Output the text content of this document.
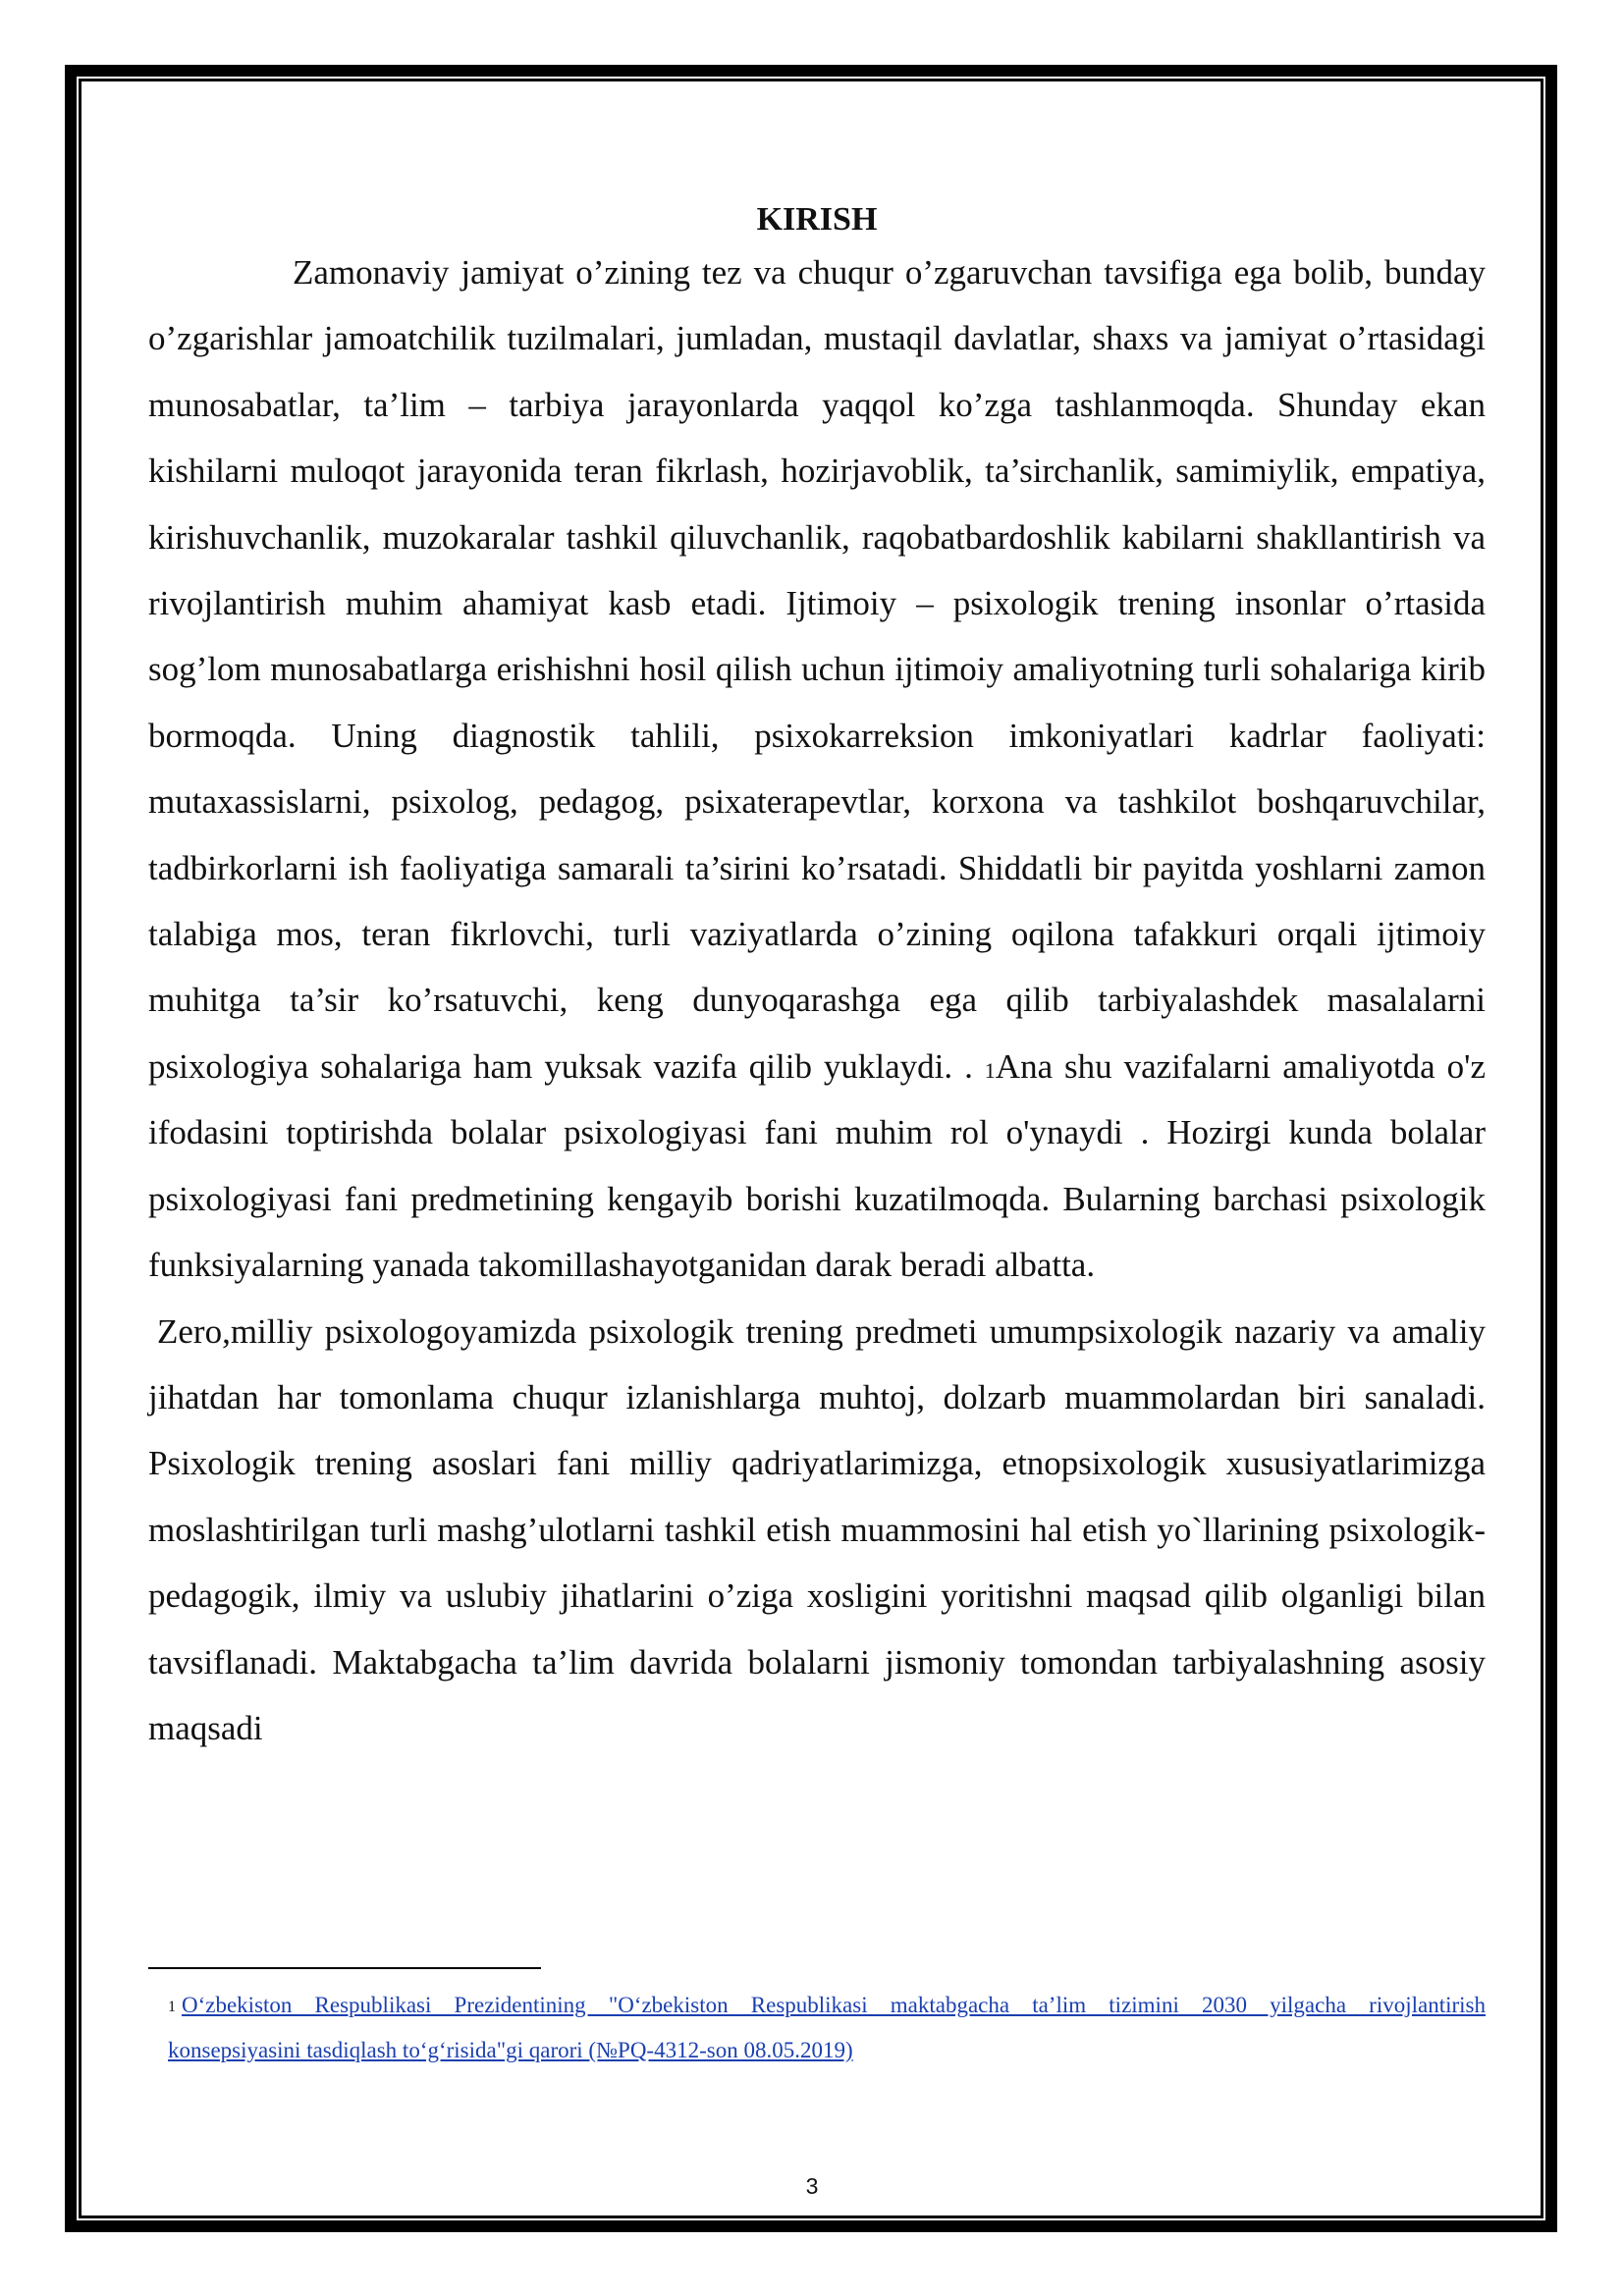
KIRISH

Zamonaviy jamiyat o’zining tez va chuqur o’zgaruvchan tavsifiga ega bolib, bunday o’zgarishlar jamoatchilik tuzilmalari, jumladan, mustaqil davlatlar, shaxs va jamiyat o’rtasidagi munosabatlar, ta’lim – tarbiya jarayonlarda yaqqol ko’zga tashlanmoqda. Shunday ekan kishilarni muloqot jarayonida teran fikrlash, hozirjavoblik, ta’sirchanlik, samimiylik, empatiya, kirishuvchanlik, muzokaralar tashkil qiluvchanlik, raqobatbardoshlik kabilarni shakllantirish va rivojlantirish muhim ahamiyat kasb etadi. Ijtimoiy – psixologik trening insonlar o’rtasida sog’lom munosabatlarga erishishni hosil qilish uchun ijtimoiy amaliyotning turli sohalariga kirib bormoqda. Uning diagnostik tahlili, psixokarreksion imkoniyatlari kadrlar faoliyati: mutaxassislarni, psixolog, pedagog, psixaterapevtlar, korxona va tashkilot boshqaruvchilar, tadbirkorlarni ish faoliyatiga samarali ta’sirini ko’rsatadi. Shiddatli bir payitda yoshlarni zamon talabiga mos, teran fikrlovchi, turli vaziyatlarda o’zining oqilona tafakkuri orqali ijtimoiy muhitga ta’sir ko’rsatuvchi, keng dunyoqarashga ega qilib tarbiyalashdek masalalarni psixologiya sohalariga ham yuksak vazifa qilib yuklaydi. . $^1$Ana shu vazifalarni amaliyotda o'z ifodasini toptirishda bolalar psixologiyasi fani muhim rol o'ynaydi . Hozirgi kunda bolalar psixologiyasi fani predmetining kengayib borishi kuzatilmoqda. Bularning barchasi psixologik funksiyalarning yanada takomillashayotganidan darak beradi albatta.

Zero,milliy psixologoyamizda psixologik trening predmeti umumpsixologik nazariy va amaliy jihatdan har tomonlama chuqur izlanishlarga muhtoj, dolzarb muammolardan biri sanaladi. Psixologik trening asoslari fani milliy qadriyatlarimizga, etnopsixologik xususiyatlarimizga moslashtirilgan turli mashg’ulotlarni tashkil etish muammosini hal etish yo`llarining psixologik- pedagogik, ilmiy va uslubiy jihatlarini o’ziga xosligini yoritishni maqsad qilib olganligi bilan tavsiflanadi. Maktabgacha ta’lim davrida bolalarni jismoniy tomondan tarbiyalashning asosiy maqsadi

$^1$ O‘zbekiston Respublikasi Prezidentining "O‘zbekiston Respublikasi maktabgacha ta’lim tizimini 2030 yilgacha rivojlantirish
konsepsiyasini tasdiqlash to‘g‘risida"gi qarori (№PQ-4312-son 08.05.2019)
3
